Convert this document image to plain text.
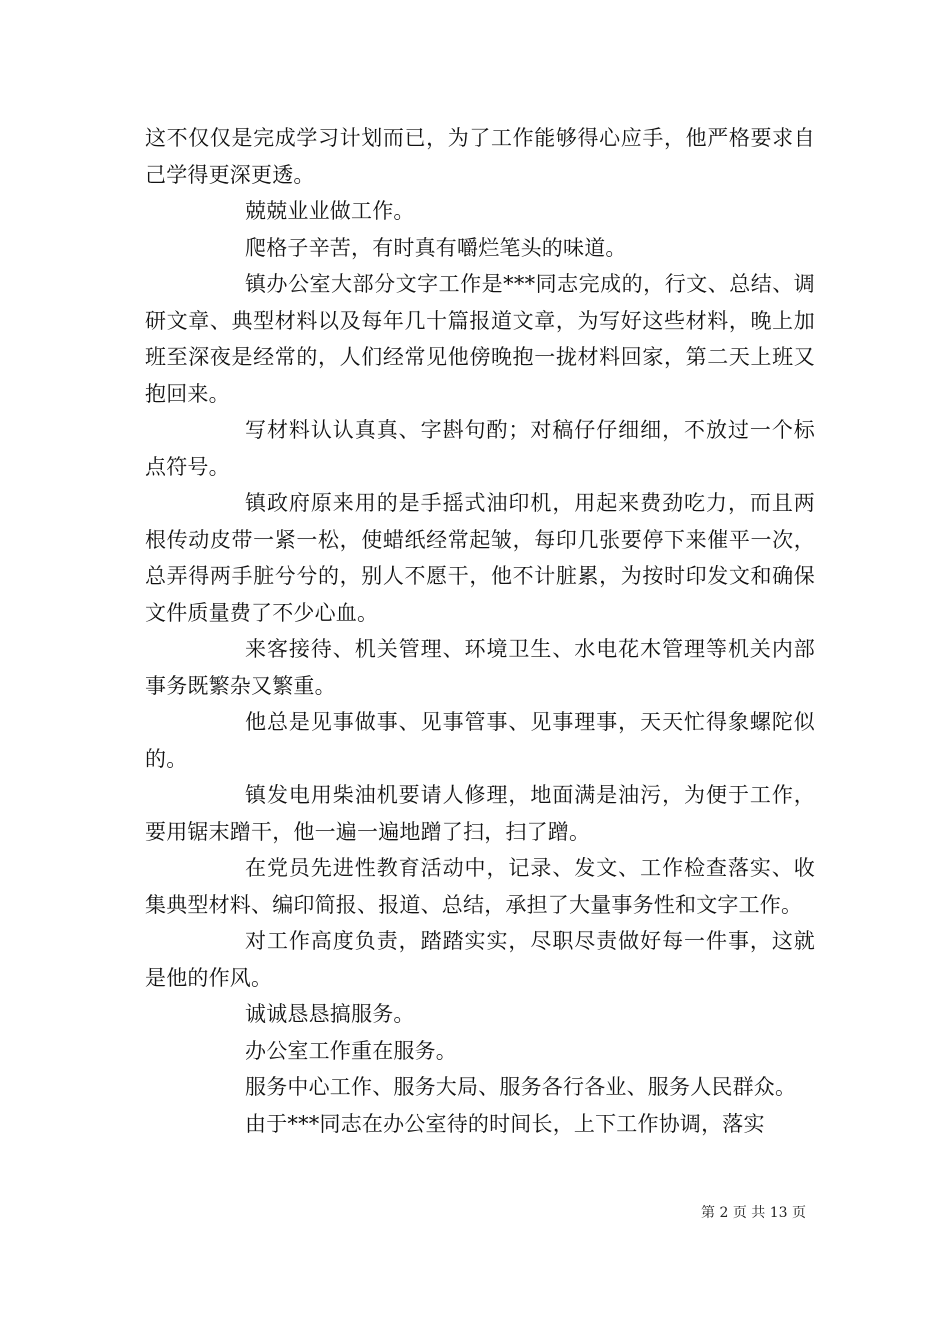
这不仅仅是完成学习计划而已，为了工作能够得心应手，他严格要求自己学得更深更透。

兢兢业业做工作。

爬格子辛苦，有时真有嚼烂笔头的味道。

镇办公室大部分文字工作是***同志完成的，行文、总结、调研文章、典型材料以及每年几十篇报道文章，为写好这些材料，晚上加班至深夜是经常的，人们经常见他傍晚抱一拢材料回家，第二天上班又抱回来。

写材料认认真真、字斟句酌；对稿仔仔细细，不放过一个标点符号。

镇政府原来用的是手摇式油印机，用起来费劲吃力，而且两根传动皮带一紧一松，使蜡纸经常起皱，每印几张要停下来催平一次，总弄得两手脏兮兮的，别人不愿干，他不计脏累，为按时印发文和确保文件质量费了不少心血。

来客接待、机关管理、环境卫生、水电花木管理等机关内部事务既繁杂又繁重。

他总是见事做事、见事管事、见事理事，天天忙得象螺陀似的。

镇发电用柴油机要请人修理，地面满是油污，为便于工作，要用锯末蹭干，他一遍一遍地蹭了扫，扫了蹭。

在党员先进性教育活动中，记录、发文、工作检查落实、收集典型材料、编印简报、报道、总结，承担了大量事务性和文字工作。

对工作高度负责，踏踏实实，尽职尽责做好每一件事，这就是他的作风。

诚诚恳恳搞服务。

办公室工作重在服务。

服务中心工作、服务大局、服务各行各业、服务人民群众。

由于***同志在办公室待的时间长，上下工作协调，落实

第 2 页 共 13 页
